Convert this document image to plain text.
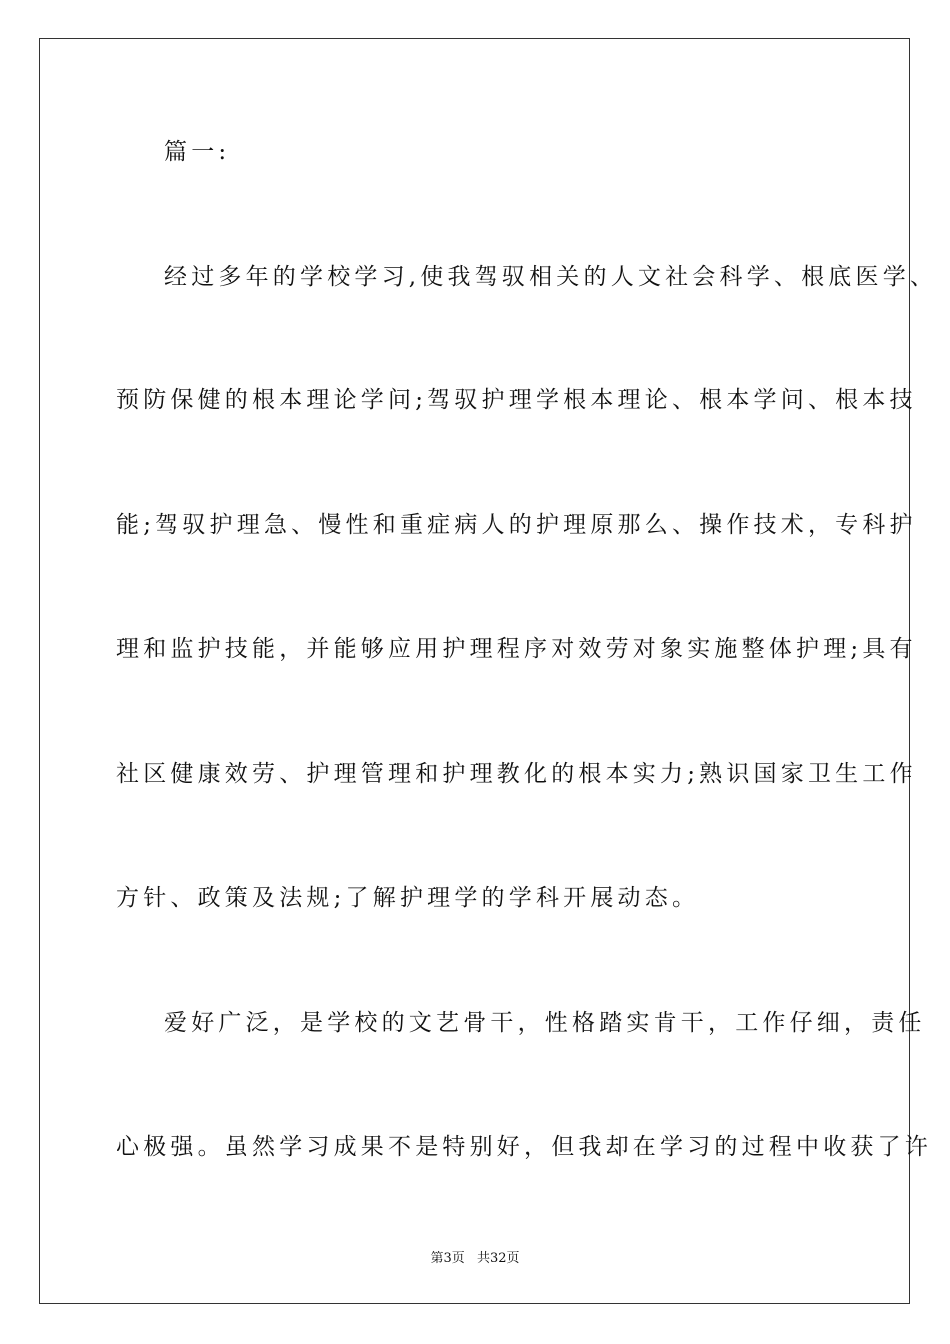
篇一:
经过多年的学校学习,使我驾驭相关的人文社会科学、根底医学、
预防保健的根本理论学问;驾驭护理学根本理论、根本学问、根本技
能;驾驭护理急、慢性和重症病人的护理原那么、操作技术，专科护
理和监护技能，并能够应用护理程序对效劳对象实施整体护理;具有
社区健康效劳、护理管理和护理教化的根本实力;熟识国家卫生工作
方针、政策及法规;了解护理学的学科开展动态。
爱好广泛，是学校的文艺骨干，性格踏实肯干，工作仔细，责任
心极强。虽然学习成果不是特别好，但我却在学习的过程中收获了许
第3页 共32页
